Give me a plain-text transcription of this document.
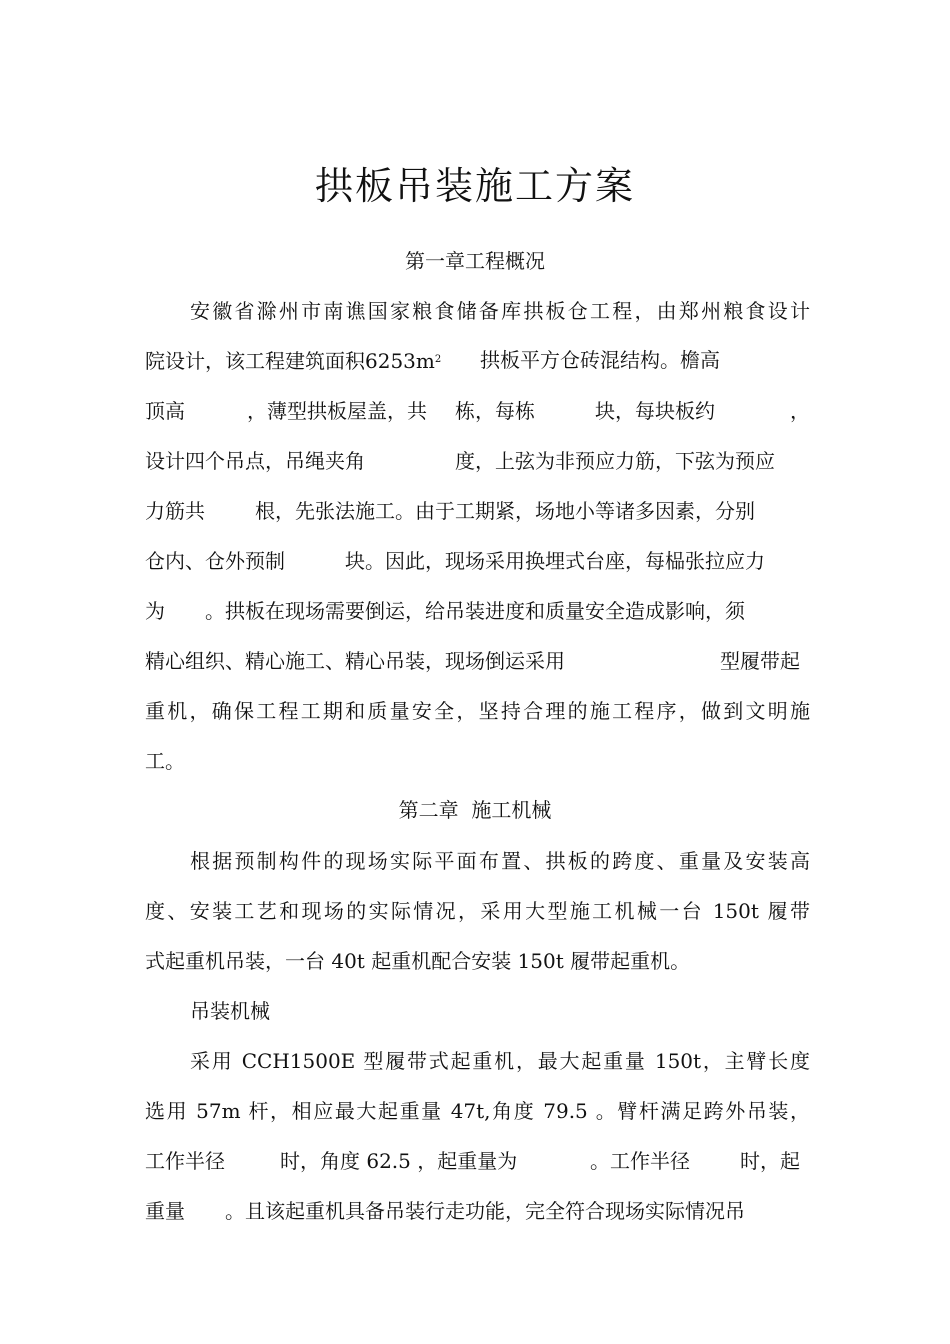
拱板吊装施工方案
第一章工程概况
安徽省滁州市南谯国家粮食储备库拱板仓工程，由郑州粮食设计
院设计，该工程建筑面积$6253m^2$ 拱板平方仓砖混结构。檐高
顶高	，薄型拱板屋盖，共 栋，每栋	块，每块板约	，
设计四个吊点，吊绳夹角	度，上弦为非预应力筋，下弦为预应
力筋共	根，先张法施工。由于工期紧，场地小等诸多因素，分别
仓内、仓外预制	块。因此，现场采用换埋式台座，每榀张拉应力
为 。拱板在现场需要倒运，给吊装进度和质量安全造成影响，须
精心组织、精心施工、精心吊装，现场倒运采用	型履带起
重机，确保工程工期和质量安全，坚持合理的施工程序，做到文明施
工。
第二章  施工机械
根据预制构件的现场实际平面布置、拱板的跨度、重量及安装高
度、安装工艺和现场的实际情况，采用大型施工机械一台 150t 履带
式起重机吊装，一台 40t 起重机配合安装 150t 履带起重机。
吊装机械
采用 CCH1500E 型履带式起重机，最大起重量 150t，主臂长度
选用 57m 杆，相应最大起重量 47t,角度 79.5 。臂杆满足跨外吊装，
工作半径	时，角度 62.5 ，起重量为	。工作半径	时，起
重量 。且该起重机具备吊装行走功能，完全符合现场实际情况吊
